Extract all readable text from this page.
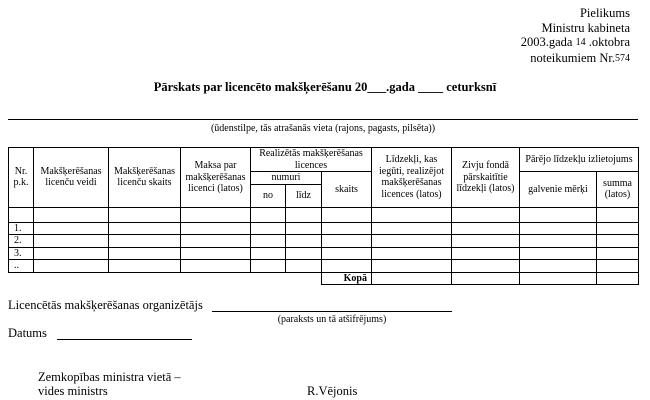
Pielikums
Ministru kabineta
2003.gada 14 .oktobra
noteikumiem Nr.574
Pārskats par licencēto makšķerēšanu 20___.gada ____ ceturksnī
(ūdenstilpe, tās atrašanās vieta (rajons, pagasts, pilsēta))
Nr. p.k.	Makšķerēšanas licenču veidi	Makšķerēšanas licenču skaits	Maksa par makšķerēšanas licenci (latos)	Realizētās makšķerēšanas licences			Līdzekļi, kas iegūti, realizējot makšķerēšanas licences (latos)	Zivju fondā pārskaitītie līdzekļi (latos)	Pārējo līdzekļu izlietojums	
				numuri		skaits			galvenie mērķi	summa (latos)
				no	līdz					

1.										
2.										
3.										
..										
						Kopā				
Licencētās makšķerēšanas organizētājs
(paraksts un tā atšifrējums)
Datums
Zemkopības ministra vietā –
vides ministrs	R.Vējonis
